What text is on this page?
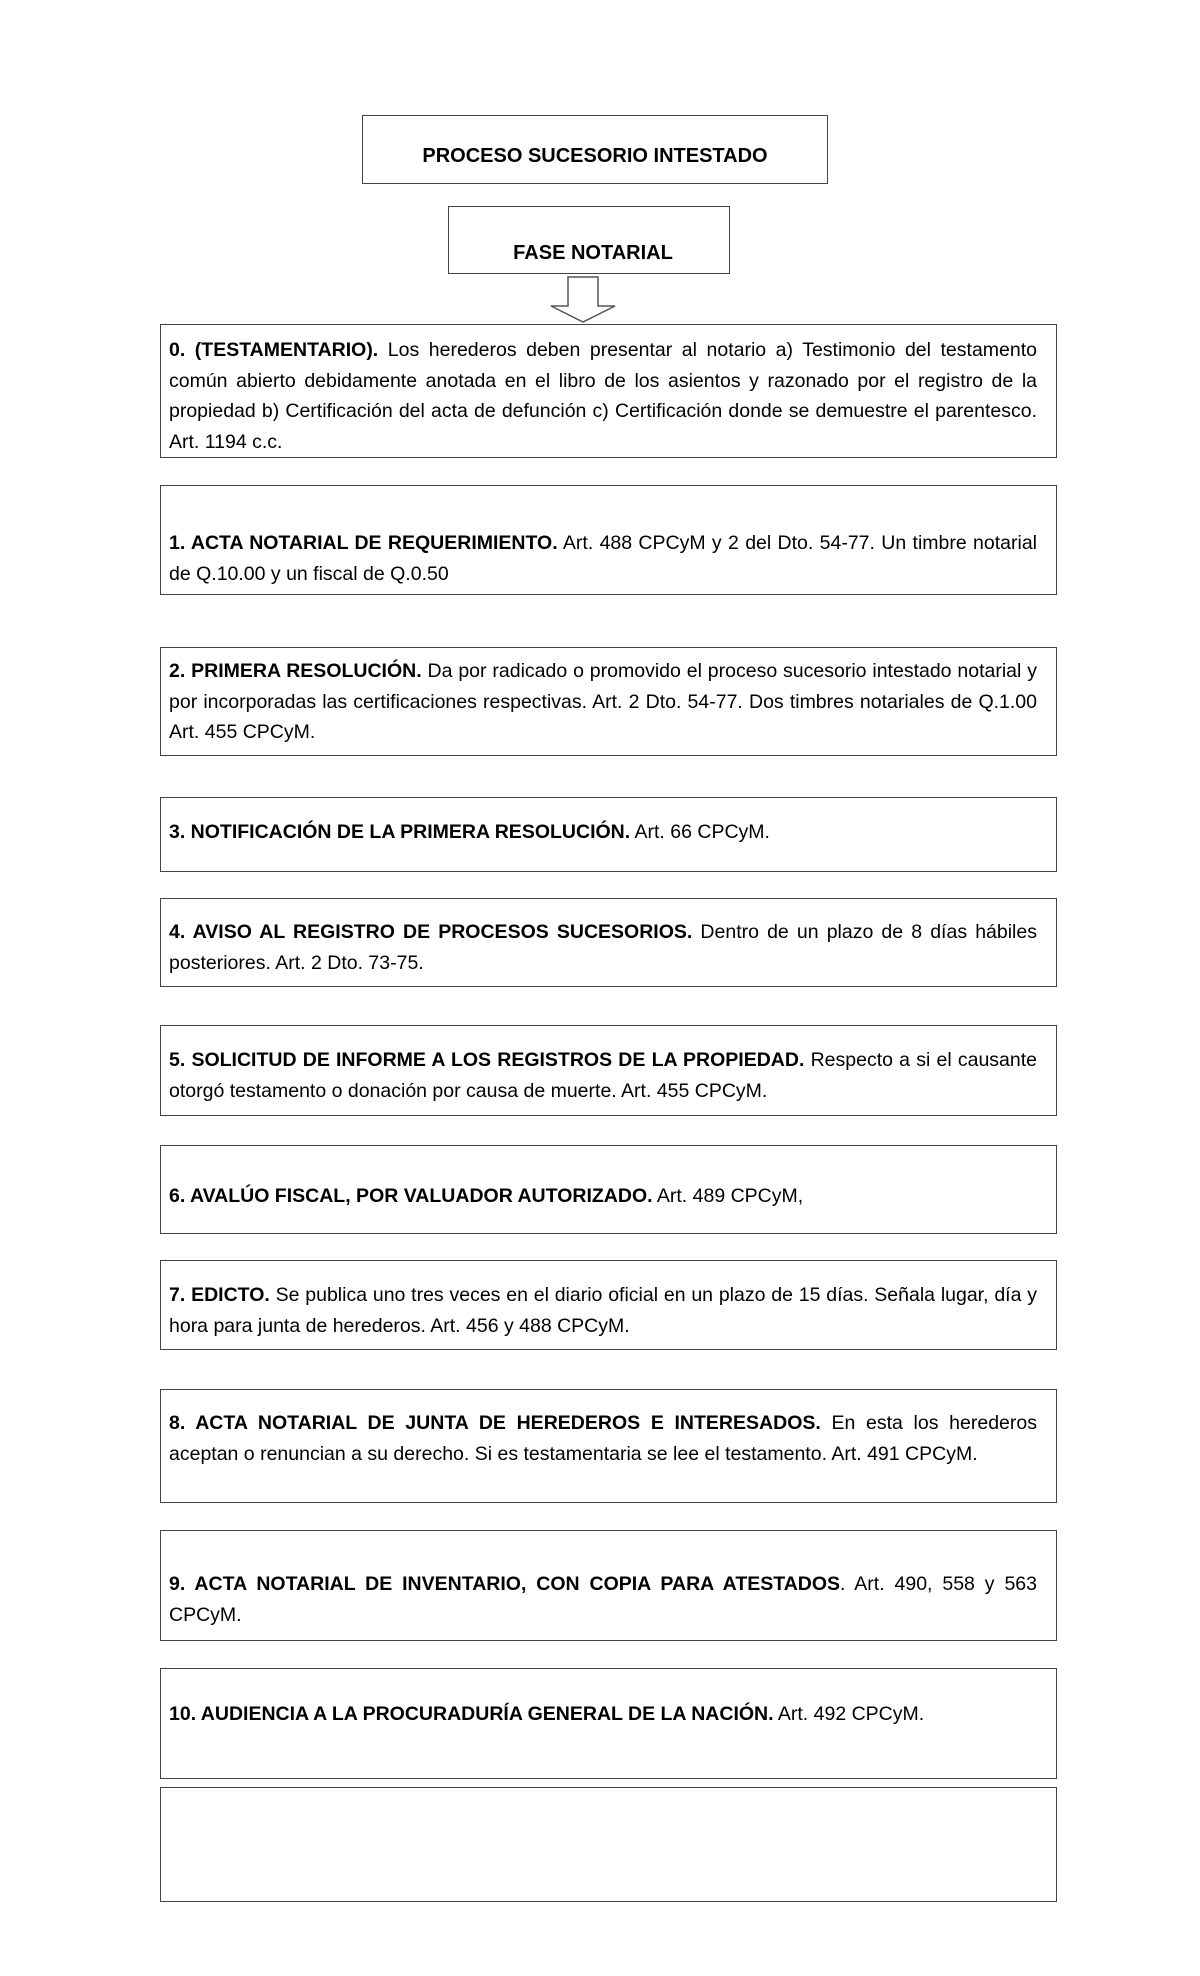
PROCESO SUCESORIO INTESTADO
FASE NOTARIAL

0. (TESTAMENTARIO). Los herederos deben presentar al notario a) Testimonio del testamento común abierto debidamente anotada en el libro de los asientos y razonado por el registro de la propiedad b) Certificación del acta de defunción c) Certificación donde se demuestre el parentesco. Art. 1194 c.c.

1. ACTA NOTARIAL DE REQUERIMIENTO. Art. 488 CPCyM y 2 del Dto. 54-77. Un timbre notarial de Q.10.00 y un fiscal de Q.0.50

2. PRIMERA RESOLUCIÓN. Da por radicado o promovido el proceso sucesorio intestado notarial y por incorporadas las certificaciones respectivas. Art. 2 Dto. 54-77. Dos timbres notariales de Q.1.00 Art. 455 CPCyM.

3. NOTIFICACIÓN DE LA PRIMERA RESOLUCIÓN. Art. 66 CPCyM.

4. AVISO AL REGISTRO DE PROCESOS SUCESORIOS. Dentro de un plazo de 8 días hábiles posteriores. Art. 2 Dto. 73-75.

5. SOLICITUD DE INFORME A LOS REGISTROS DE LA PROPIEDAD. Respecto a si el causante otorgó testamento o donación por causa de muerte. Art. 455 CPCyM.

6. AVALÚO FISCAL, POR VALUADOR AUTORIZADO. Art. 489 CPCyM,

7. EDICTO. Se publica uno tres veces en el diario oficial en un plazo de 15 días. Señala lugar, día y hora para junta de herederos. Art. 456 y 488 CPCyM.

8. ACTA NOTARIAL DE JUNTA DE HEREDEROS E INTERESADOS. En esta los herederos aceptan o renuncian a su derecho. Si es testamentaria se lee el testamento. Art. 491 CPCyM.

9. ACTA NOTARIAL DE INVENTARIO, CON COPIA PARA ATESTADOS. Art. 490, 558 y 563 CPCyM.

10. AUDIENCIA A LA PROCURADURÍA GENERAL DE LA NACIÓN. Art. 492 CPCyM.
